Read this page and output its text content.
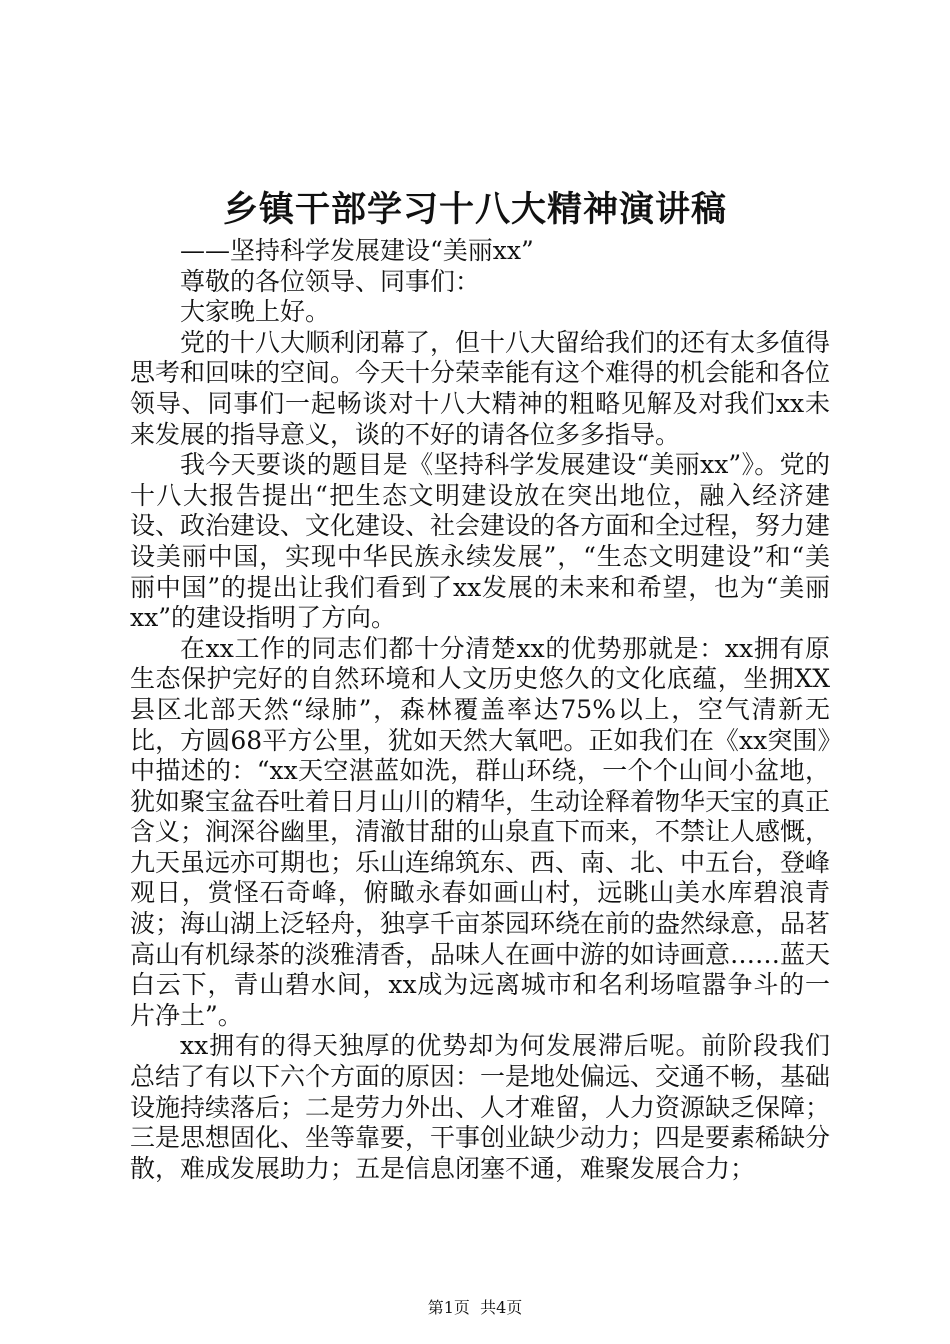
乡镇干部学习十八大精神演讲稿

——坚持科学发展建设“美丽xx”

尊敬的各位领导、同事们：

大家晚上好。

党的十八大顺利闭幕了，但十八大留给我们的还有太多值得思考和回味的空间。今天十分荣幸能有这个难得的机会能和各位领导、同事们一起畅谈对十八大精神的粗略见解及对我们xx未来发展的指导意义，谈的不好的请各位多多指导。

我今天要谈的题目是《坚持科学发展建设“美丽xx”》。党的十八大报告提出“把生态文明建设放在突出地位，融入经济建设、政治建设、文化建设、社会建设的各方面和全过程，努力建设美丽中国，实现中华民族永续发展”，“生态文明建设”和“美丽中国”的提出让我们看到了xx发展的未来和希望，也为“美丽xx”的建设指明了方向。

在xx工作的同志们都十分清楚xx的优势那就是：xx拥有原生态保护完好的自然环境和人文历史悠久的文化底蕴，坐拥XX县区北部天然“绿肺”，森林覆盖率达75%以上，空气清新无比，方圆68平方公里，犹如天然大氧吧。正如我们在《xx突围》中描述的：“xx天空湛蓝如洗，群山环绕，一个个山间小盆地，犹如聚宝盆吞吐着日月山川的精华，生动诠释着物华天宝的真正含义；涧深谷幽里，清澈甘甜的山泉直下而来，不禁让人感慨，九天虽远亦可期也；乐山连绵筑东、西、南、北、中五台，登峰观日，赏怪石奇峰，俯瞰永春如画山村，远眺山美水库碧浪青波；海山湖上泛轻舟，独享千亩茶园环绕在前的盎然绿意，品茗高山有机绿茶的淡雅清香，品味人在画中游的如诗画意……蓝天白云下，青山碧水间，xx成为远离城市和名利场喧嚣争斗的一片净土”。

xx拥有的得天独厚的优势却为何发展滞后呢。前阶段我们总结了有以下六个方面的原因：一是地处偏远、交通不畅，基础设施持续落后；二是劳力外出、人才难留，人力资源缺乏保障；三是思想固化、坐等靠要，干事创业缺少动力；四是要素稀缺分散，难成发展助力；五是信息闭塞不通，难聚发展合力；

第1页 共4页
